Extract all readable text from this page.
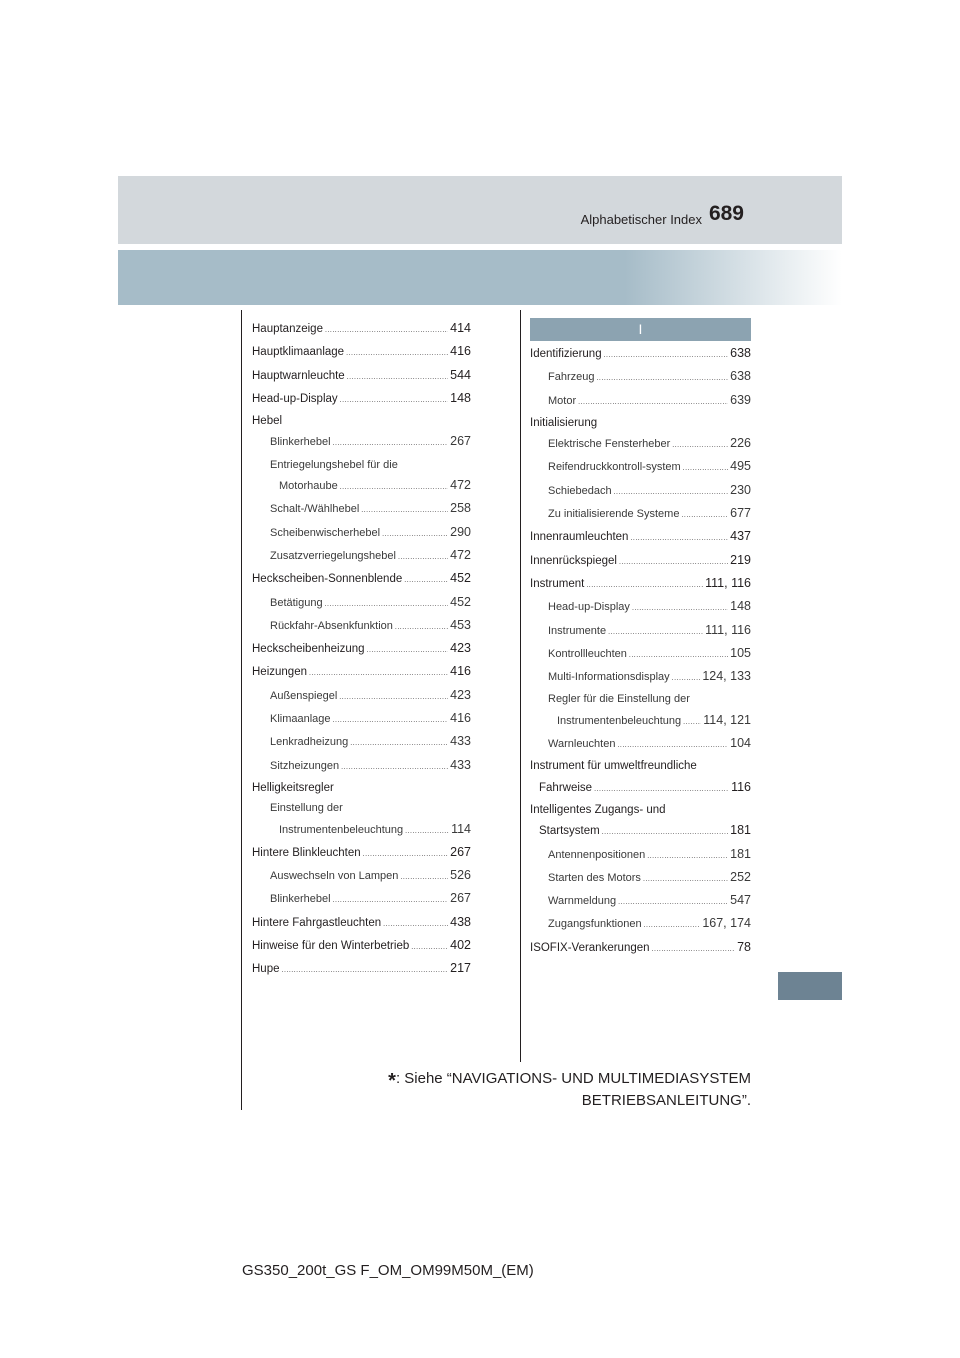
Alphabetischer Index 689
Hauptanzeige .....	414
Hauptklimaanlage .....	416
Hauptwarnleuchte .....	544
Head-up-Display .....	148
Hebel
Blinkerhebel .....	267
Entriegelungshebel für die
Motorhaube .....	472
Schalt-/Wählhebel .....	258
Scheibenwischerhebel .....	290
Zusatzverriegelungshebel .....	472
Heckscheiben-Sonnenblende .....	452
Betätigung .....	452
Rückfahr-Absenkfunktion .....	453
Heckscheibenheizung .....	423
Heizungen .....	416
Außenspiegel .....	423
Klimaanlage .....	416
Lenkradheizung .....	433
Sitzheizungen .....	433
Helligkeitsregler
Einstellung der
Instrumentenbeleuchtung .....	114
Hintere Blinkleuchten .....	267
Auswechseln von Lampen .....	526
Blinkerhebel .....	267
Hintere Fahrgastleuchten .....	438
Hinweise für den Winterbetrieb .....	402
Hupe .....	217
I
Identifizierung .....	638
Fahrzeug .....	638
Motor .....	639
Initialisierung
Elektrische Fensterheber .....	226
Reifendruckkontroll-system .....	495
Schiebedach .....	230
Zu initialisierende Systeme .....	677
Innenraumleuchten .....	437
Innenrückspiegel .....	219
Instrument .....	111, 116
Head-up-Display .....	148
Instrumente .....	111, 116
Kontrollleuchten .....	105
Multi-Informationsdisplay .....	124, 133
Regler für die Einstellung der
Instrumentenbeleuchtung ..... 114, 121
Warnleuchten .....	104
Instrument für umweltfreundliche
Fahrweise .....	116
Intelligentes Zugangs- und
Startsystem .....	181
Antennenpositionen .....	181
Starten des Motors .....	252
Warnmeldung .....	547
Zugangsfunktionen .....	167, 174
ISOFIX-Verankerungen .....	78
*: Siehe “NAVIGATIONS- UND MULTIMEDIASYSTEM
BETRIEBSANLEITUNG”.
GS350_200t_GS F_OM_OM99M50M_(EM)
